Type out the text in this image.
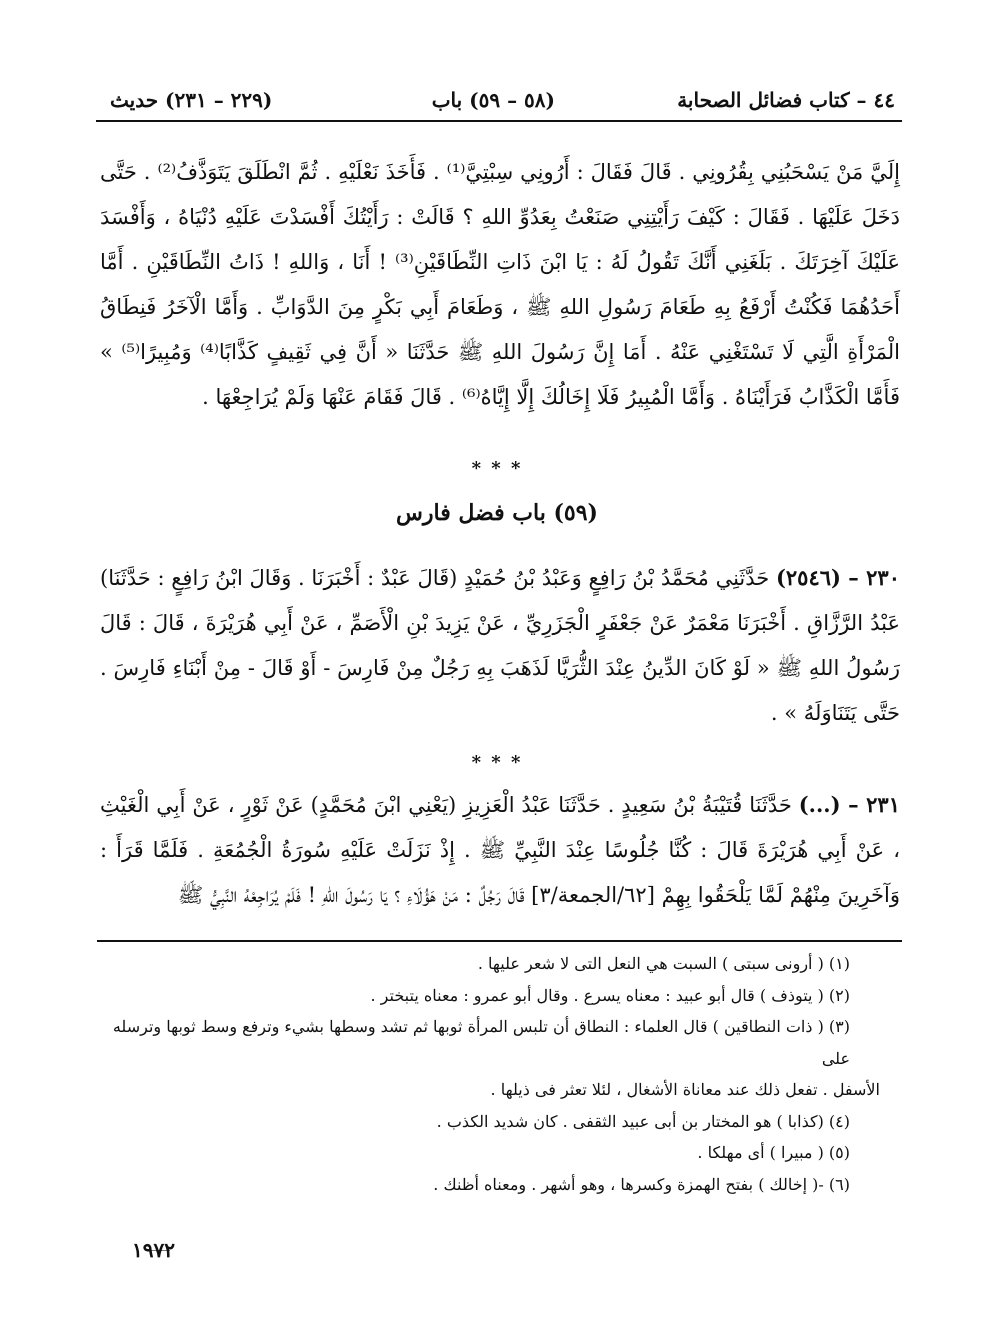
٤٤ – كتاب فضائل الصحابة
(٥٨ – ٥٩) باب
(٢٢٩ – ٢٣١) حديث

إِلَيَّ مَنْ يَسْحَبُنِي بِقُرُونِي . قَالَ فَقَالَ : أَرُونِي سِبْتِيَّ⁽¹⁾ . فَأَخَذَ نَعْلَيْهِ . ثُمَّ انْطَلَقَ يَتَوَذَّفُ⁽²⁾ . حَتَّى دَخَلَ عَلَيْهَا . فَقَالَ : كَيْفَ رَأَيْتِنِي صَنَعْتُ بِعَدُوِّ اللهِ ؟ قَالَتْ : رَأَيْتُكَ أَفْسَدْتَ عَلَيْهِ دُنْيَاهُ ، وَأَفْسَدَ عَلَيْكَ آخِرَتَكَ . بَلَغَنِي أَنَّكَ تَقُولُ لَهُ : يَا ابْنَ ذَاتِ النِّطَاقَيْنِ⁽³⁾ ! أَنَا ، وَاللهِ ! ذَاتُ النِّطَاقَيْنِ . أَمَّا أَحَدُهُمَا فَكُنْتُ أَرْفَعُ بِهِ طَعَامَ رَسُولِ اللهِ ﷺ ، وَطَعَامَ أَبِي بَكْرٍ مِنَ الدَّوَابِّ . وَأَمَّا الْآخَرُ فَنِطَاقُ الْمَرْأَةِ الَّتِي لَا تَسْتَغْنِي عَنْهُ . أَمَا إِنَّ رَسُولَ اللهِ ﷺ حَدَّثَنَا « أَنَّ فِي ثَقِيفٍ كَذَّابًا⁽⁴⁾ وَمُبِيرًا⁽⁵⁾ » فَأَمَّا الْكَذَّابُ فَرَأَيْنَاهُ . وَأَمَّا الْمُبِيرُ فَلَا إِخَالُكَ إِلَّا إِيَّاهُ⁽⁶⁾ . قَالَ فَقَامَ عَنْهَا وَلَمْ يُرَاجِعْهَا .

* * *
(٥٩) باب فضل فارس

٢٣٠ – (٢٥٤٦) حَدَّثَنِي مُحَمَّدُ بْنُ رَافِعٍ وَعَبْدُ بْنُ حُمَيْدٍ (قَالَ عَبْدٌ : أَخْبَرَنَا . وَقَالَ ابْنُ رَافِعٍ : حَدَّثَنَا) عَبْدُ الرَّزَّاقِ . أَخْبَرَنَا مَعْمَرٌ عَنْ جَعْفَرٍ الْجَزَرِيِّ ، عَنْ يَزِيدَ بْنِ الْأَصَمِّ ، عَنْ أَبِي هُرَيْرَةَ ، قَالَ : قَالَ رَسُولُ اللهِ ﷺ « لَوْ كَانَ الدِّينُ عِنْدَ الثُّرَيَّا لَذَهَبَ بِهِ رَجُلٌ مِنْ فَارِسَ - أَوْ قَالَ - مِنْ أَبْنَاءِ فَارِسَ . حَتَّى يَتَنَاوَلَهُ » .

* * *

٢٣١ – (...) حَدَّثَنَا قُتَيْبَةُ بْنُ سَعِيدٍ . حَدَّثَنَا عَبْدُ الْعَزِيزِ (يَعْنِي ابْنَ مُحَمَّدٍ) عَنْ ثَوْرٍ ، عَنْ أَبِي الْغَيْثِ ، عَنْ أَبِي هُرَيْرَةَ قَالَ : كُنَّا جُلُوسًا عِنْدَ النَّبِيِّ ﷺ . إِذْ نَزَلَتْ عَلَيْهِ سُورَةُ الْجُمُعَةِ . فَلَمَّا قَرَأَ : وَآخَرِينَ مِنْهُمْ لَمَّا يَلْحَقُوا بِهِمْ [٦٢/الجمعة/٣] قَالَ رَجُلٌ : مَنْ هَؤُلَاءِ ؟ يَا رَسُولَ اللهِ ! فَلَمْ يُرَاجِعْهُ النَّبِيُّ ﷺ

(١) ( أرونى سبتى ) السبت هي النعل التى لا شعر عليها .

(٢) ( يتوذف ) قال أبو عبيد : معناه يسرع . وقال أبو عمرو : معناه يتبختر .

(٣) ( ذات النطاقين ) قال العلماء : النطاق أن تلبس المرأة ثوبها ثم تشد وسطها بشيء وترفع وسط ثوبها وترسله على

الأسفل . تفعل ذلك عند معاناة الأشغال ، لئلا تعثر فى ذيلها .

(٤) (كذابا ) هو المختار بن أبى عبيد الثقفى . كان شديد الكذب .

(٥) ( مبيرا ) أى مهلكا .

(٦) -( إخالك ) بفتح الهمزة وكسرها ، وهو أشهر . ومعناه أظنك .

١٩٧٢
